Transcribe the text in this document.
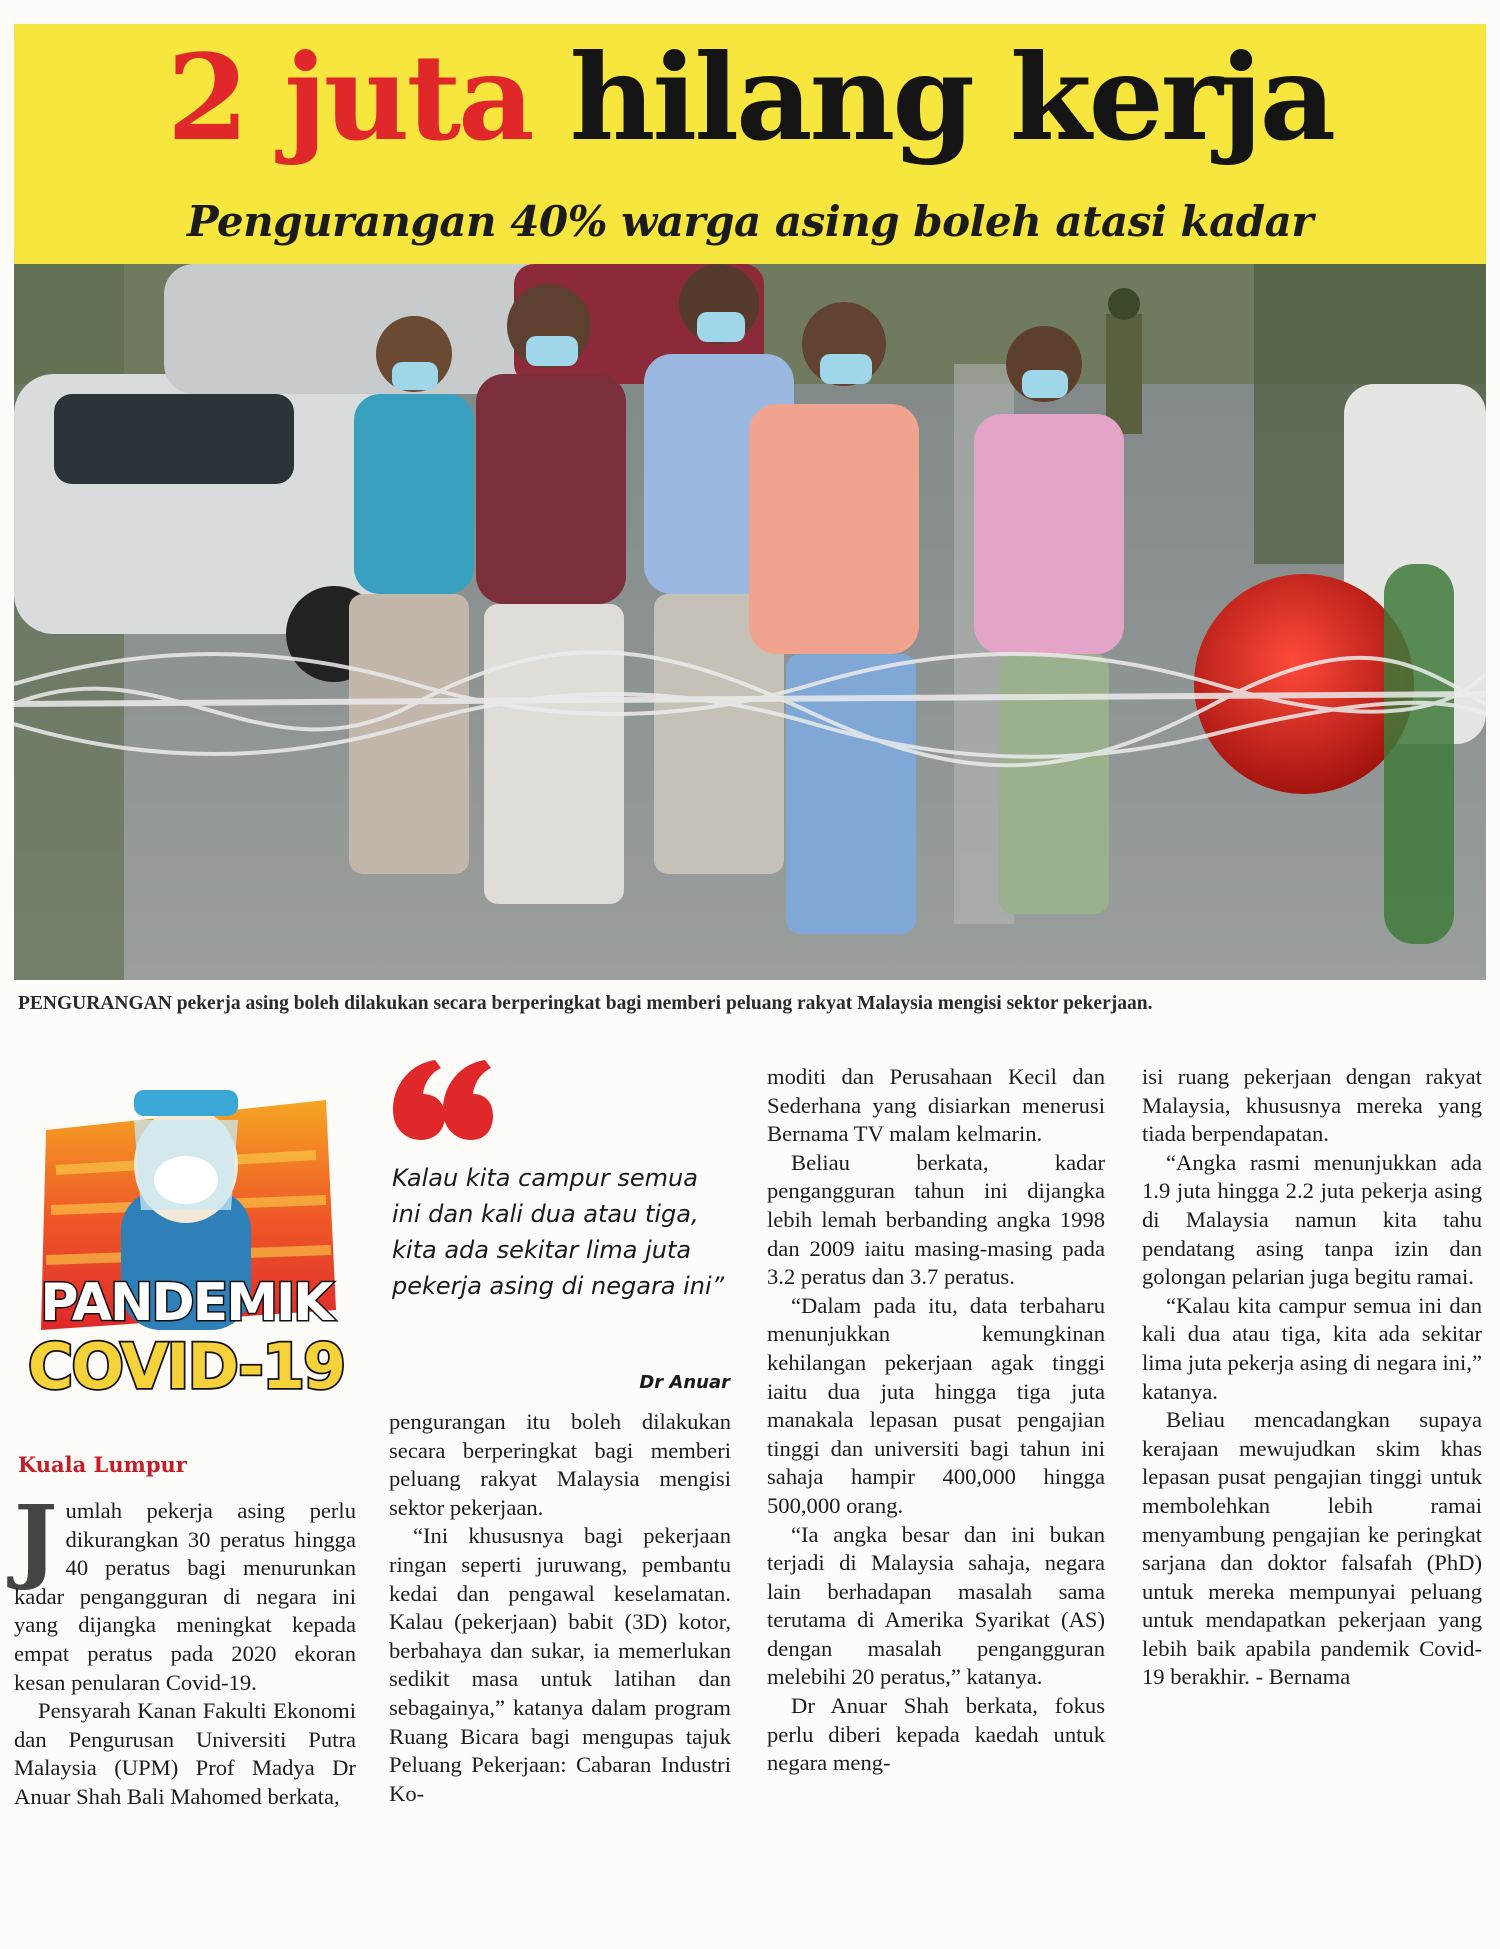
2 juta hilang kerja
Pengurangan 40% warga asing boleh atasi kadar
PENGURANGAN pekerja asing boleh dilakukan secara berperingkat bagi memberi peluang rakyat Malaysia mengisi sektor pekerjaan.
PANDEMIK
COVID-19
Kuala Lumpur
Kalau kita campur semua ini dan kali dua atau tiga, kita ada sekitar lima juta pekerja asing di negara ini”
Dr Anuar

Jumlah pekerja asing perlu dikurangkan 30 peratus hingga 40 peratus bagi menurunkan kadar pengangguran di negara ini yang dijangka meningkat kepada empat peratus pada 2020 ekoran kesan penularan Covid-19.

Pensyarah Kanan Fakulti Ekonomi dan Pengurusan Universiti Putra Malaysia (UPM) Prof Madya Dr Anuar Shah Bali Mahomed berkata,

pengurangan itu boleh dilakukan secara berperingkat bagi memberi peluang rakyat Malaysia mengisi sektor pekerjaan.

“Ini khususnya bagi pekerjaan ringan seperti juruwang, pembantu kedai dan pengawal keselamatan. Kalau (pekerjaan) babit (3D) kotor, berbahaya dan sukar, ia memerlukan sedikit masa untuk latihan dan sebagainya,” katanya dalam program Ruang Bicara bagi mengupas tajuk Peluang Pekerjaan: Cabaran Industri Ko-

moditi dan Perusahaan Kecil dan Sederhana yang disiarkan menerusi Bernama TV malam kelmarin.

Beliau berkata, kadar pengangguran tahun ini dijangka lebih lemah berbanding angka 1998 dan 2009 iaitu masing-masing pada 3.2 peratus dan 3.7 peratus.

“Dalam pada itu, data terbaharu menunjukkan kemungkinan kehilangan pekerjaan agak tinggi iaitu dua juta hingga tiga juta manakala lepasan pusat pengajian tinggi dan universiti bagi tahun ini sahaja hampir 400,000 hingga 500,000 orang.

“Ia angka besar dan ini bukan terjadi di Malaysia sahaja, negara lain berhadapan masalah sama terutama di Amerika Syarikat (AS) dengan masalah pengangguran melebihi 20 peratus,” katanya.

Dr Anuar Shah berkata, fokus perlu diberi kepada kaedah untuk negara meng-

isi ruang pekerjaan dengan rakyat Malaysia, khususnya mereka yang tiada berpendapatan.

“Angka rasmi menunjukkan ada 1.9 juta hingga 2.2 juta pekerja asing di Malaysia namun kita tahu pendatang asing tanpa izin dan golongan pelarian juga begitu ramai.

“Kalau kita campur semua ini dan kali dua atau tiga, kita ada sekitar lima juta pekerja asing di negara ini,” katanya.

Beliau mencadangkan supaya kerajaan mewujudkan skim khas lepasan pusat pengajian tinggi untuk membolehkan lebih ramai menyambung pengajian ke peringkat sarjana dan doktor falsafah (PhD) untuk mereka mempunyai peluang untuk mendapatkan pekerjaan yang lebih baik apabila pandemik Covid-19 berakhir. - Bernama
